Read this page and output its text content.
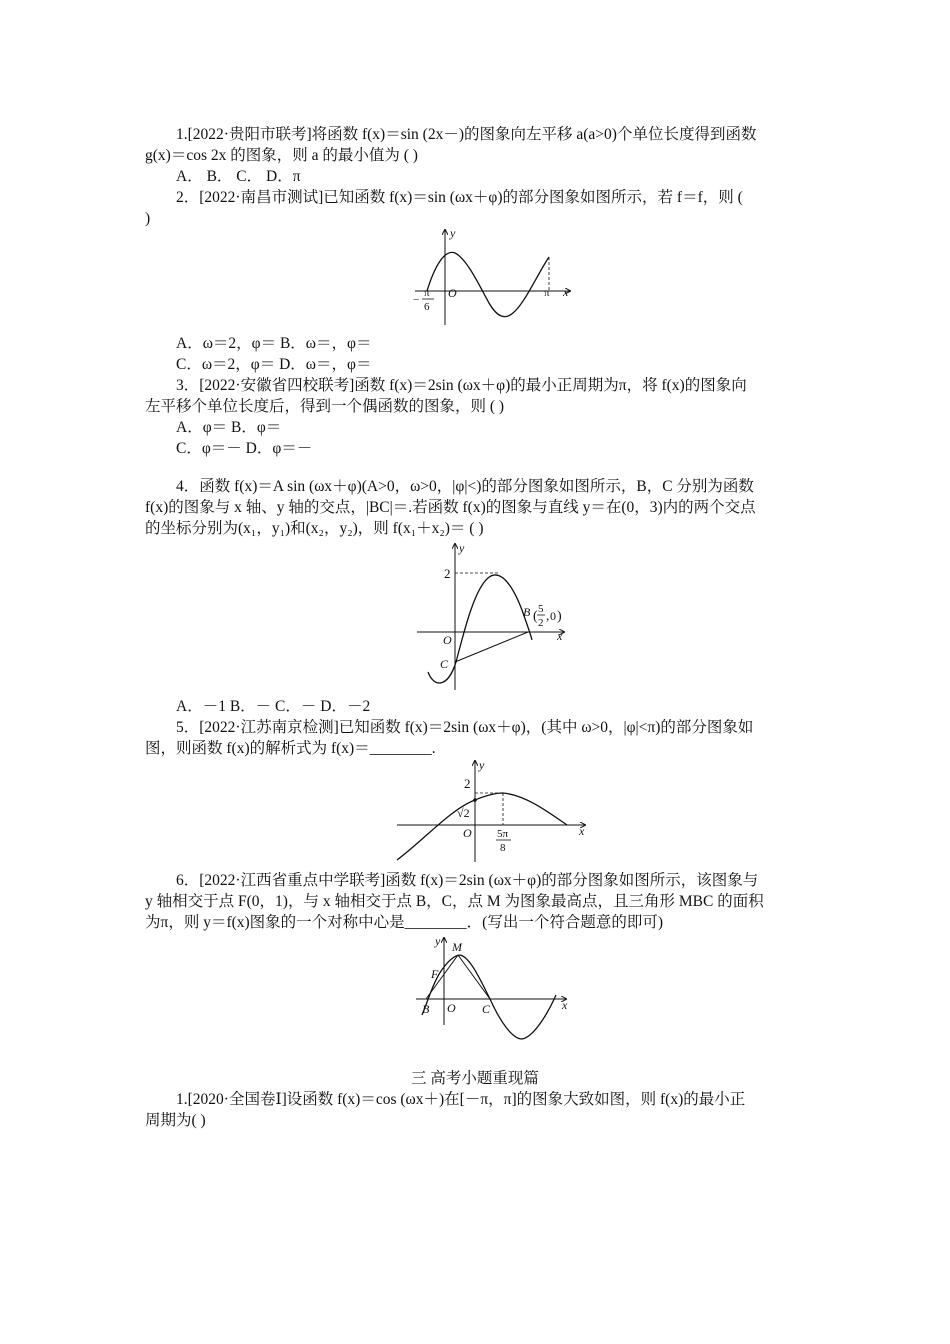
1.[2022·贵阳市联考]将函数 f(x)＝sin (2x－)的图象向左平移 a(a>0)个单位长度得到函数
g(x)＝cos 2x 的图象，则 a 的最小值为 ( )
A． B． C． D．π
2．[2022·南昌市测试]已知函数 f(x)＝sin (ωx＋φ)的部分图象如图所示，若 f＝f，则 (
)
y
x
O
−
π
6
π
A．ω＝2，φ＝ B．ω＝，φ＝
C．ω＝2，φ＝ D．ω＝，φ＝
3．[2022·安徽省四校联考]函数 f(x)＝2sin (ωx＋φ)的最小正周期为π，将 f(x)的图象向
左平移个单位长度后，得到一个偶函数的图象，则 ( )
A．φ＝ B．φ＝
C．φ＝－ D．φ＝－
4．函数 f(x)＝A sin (ωx＋φ)(A>0，ω>0，|φ|<)的部分图象如图所示，B，C 分别为函数
f(x)的图象与 x 轴、y 轴的交点，|BC|＝.若函数 f(x)的图象与直线 y＝在(0，3)内的两个交点
的坐标分别为(x₁，y₁)和(x₂，y₂)，则 f(x₁＋x₂)＝ ( )
y
x
O
2
C
B ( 5
2 , 0 )
A．－1 B．－ C．－ D．－2
5．[2022·江苏南京检测]已知函数 f(x)＝2sin (ωx＋φ)，(其中 ω>0，|φ|<π)的部分图象如
图，则函数 f(x)的解析式为 f(x)＝________.
y
x
O
2
√2
5π
8
6．[2022·江西省重点中学联考]函数 f(x)＝2sin (ωx＋φ)的部分图象如图所示，该图象与
y 轴相交于点 F(0，1)，与 x 轴相交于点 B，C，点 M 为图象最高点，且三角形 MBC 的面积
为π，则 y＝f(x)图象的一个对称中心是________．(写出一个符合题意的即可)
y
x
O
M
F
B	C
三 高考小题重现篇
1.[2020·全国卷Ⅰ]设函数 f(x)＝cos (ωx＋)在[－π，π]的图象大致如图，则 f(x)的最小正
周期为( )
